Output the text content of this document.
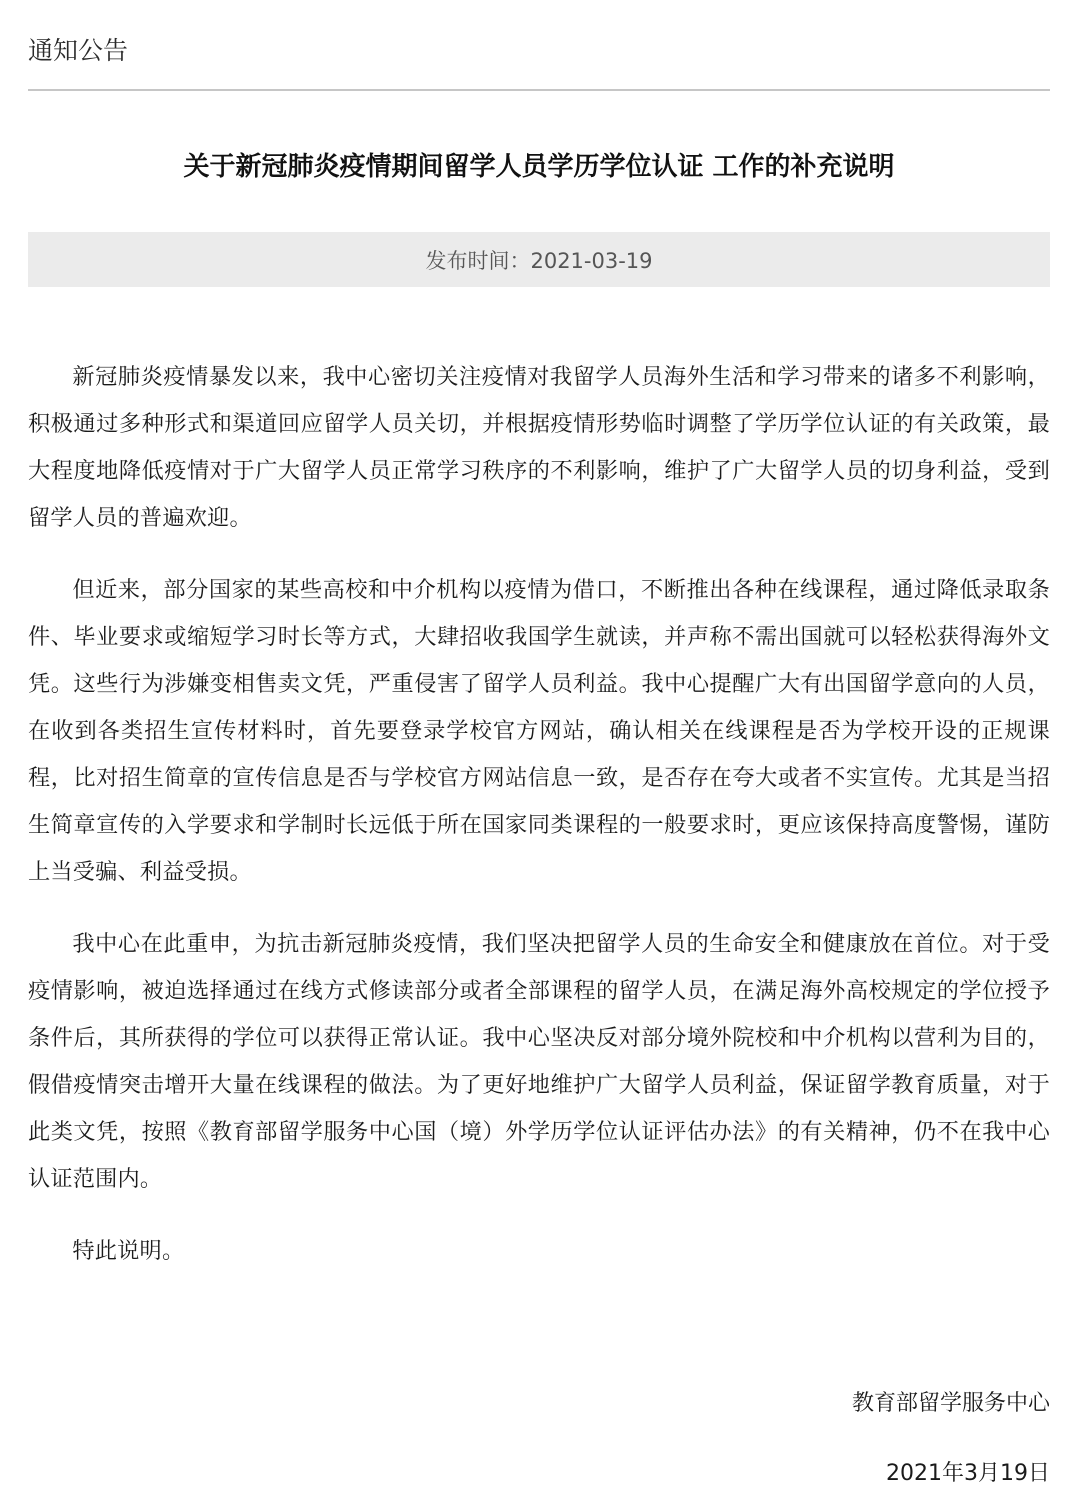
通知公告
关于新冠肺炎疫情期间留学人员学历学位认证 工作的补充说明
发布时间：2021-03-19

新冠肺炎疫情暴发以来，我中心密切关注疫情对我留学人员海外生活和学习带来的诸多不利影响，积极通过多种形式和渠道回应留学人员关切，并根据疫情形势临时调整了学历学位认证的有关政策，最大程度地降低疫情对于广大留学人员正常学习秩序的不利影响，维护了广大留学人员的切身利益，受到留学人员的普遍欢迎。

但近来，部分国家的某些高校和中介机构以疫情为借口，不断推出各种在线课程，通过降低录取条件、毕业要求或缩短学习时长等方式，大肆招收我国学生就读，并声称不需出国就可以轻松获得海外文凭。这些行为涉嫌变相售卖文凭，严重侵害了留学人员利益。我中心提醒广大有出国留学意向的人员，在收到各类招生宣传材料时，首先要登录学校官方网站，确认相关在线课程是否为学校开设的正规课程，比对招生简章的宣传信息是否与学校官方网站信息一致，是否存在夸大或者不实宣传。尤其是当招生简章宣传的入学要求和学制时长远低于所在国家同类课程的一般要求时，更应该保持高度警惕，谨防上当受骗、利益受损。

我中心在此重申，为抗击新冠肺炎疫情，我们坚决把留学人员的生命安全和健康放在首位。对于受疫情影响，被迫选择通过在线方式修读部分或者全部课程的留学人员，在满足海外高校规定的学位授予条件后，其所获得的学位可以获得正常认证。我中心坚决反对部分境外院校和中介机构以营利为目的，假借疫情突击增开大量在线课程的做法。为了更好地维护广大留学人员利益，保证留学教育质量，对于此类文凭，按照《教育部留学服务中心国（境）外学历学位认证评估办法》的有关精神，仍不在我中心认证范围内。

特此说明。

教育部留学服务中心
2021年3月19日
